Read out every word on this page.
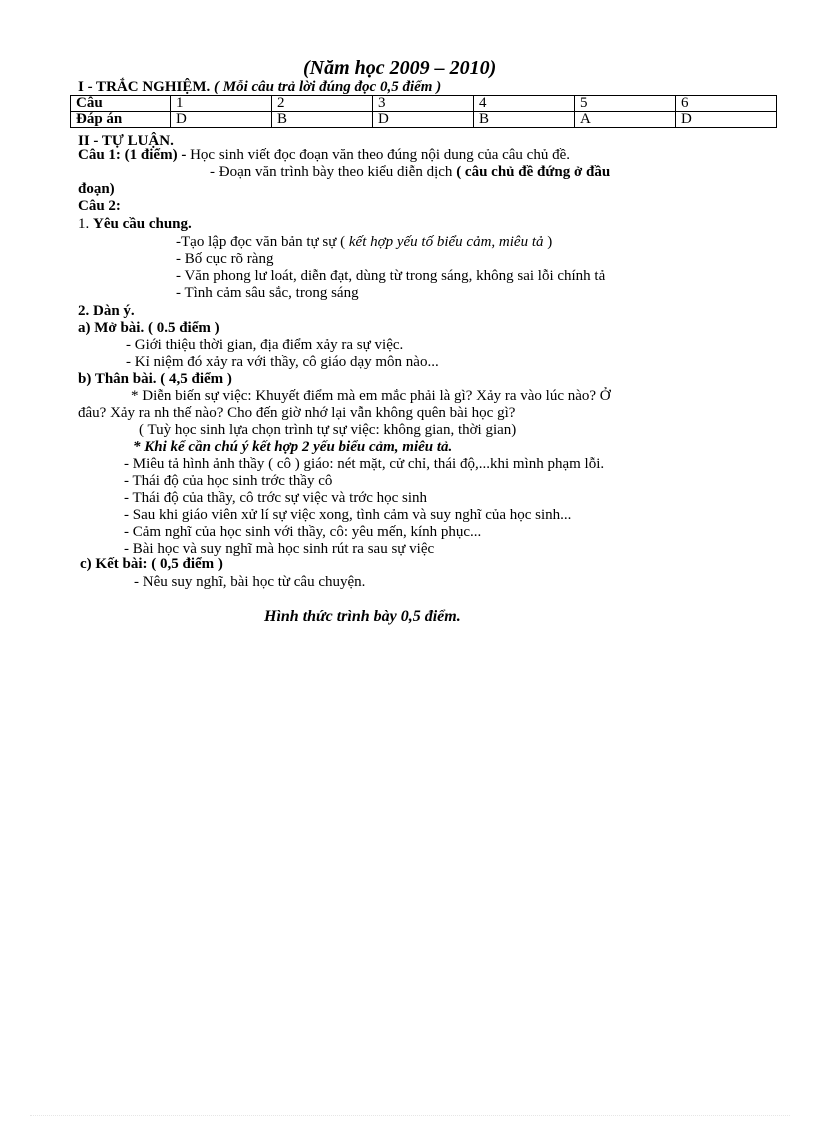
(Năm học 2009 – 2010)
I - TRẮC NGHIỆM. ( Mỗi câu trả lời đúng đọc 0,5 điểm )
Câu	1	2	3	4	5	6
Đáp án	D	B	D	B	A	D
II - TỰ LUẬN.
Câu 1: (1 điểm) - Học sinh viết đọc đoạn văn theo đúng nội dung của câu chủ đề.
- Đoạn văn trình bày theo kiểu diễn dịch ( câu chủ đề đứng ở đầu
đoạn)
Câu 2:
1. Yêu cầu chung.
-Tạo lập đọc văn bản tự sự ( kết hợp yếu tố biểu cảm, miêu tả )
- Bố cục rõ ràng
- Văn phong lư loát, diễn đạt, dùng từ trong sáng, không sai lỗi chính tả
- Tình cảm sâu sắc, trong sáng
2. Dàn ý.
a) Mở bài. ( 0.5 điểm )
- Giới thiệu thời gian, địa điểm xảy ra sự việc.
- Kỉ niệm đó xảy ra với thầy, cô giáo dạy môn nào...
b) Thân bài. ( 4,5 điểm )
* Diễn biến sự việc: Khuyết điểm mà em mắc phải là gì? Xảy ra vào lúc nào? Ở
đâu? Xảy ra nh thế nào? Cho đến giờ nhớ lại vẫn không quên bài học gì?
( Tuỳ học sinh lựa chọn trình tự sự việc: không gian, thời gian)
* Khi kể cần chú ý kết hợp 2 yếu biểu cảm, miêu tả.
- Miêu tả hình ảnh thầy ( cô ) giáo: nét mặt, cử chỉ, thái độ,...khi mình phạm lỗi.
- Thái độ của học sinh trớc thầy cô
- Thái độ của thầy, cô trớc sự việc và trớc học sinh
- Sau khi giáo viên xử lí sự việc xong, tình cảm và suy nghĩ của học sinh...
- Cảm nghĩ của học sinh với thầy, cô: yêu mến, kính phục...
- Bài học và suy nghĩ mà học sinh rút ra sau sự việc
c) Kết bài: ( 0,5 điểm )
- Nêu suy nghĩ, bài học từ câu chuyện.
Hình thức trình bày 0,5 điểm.
